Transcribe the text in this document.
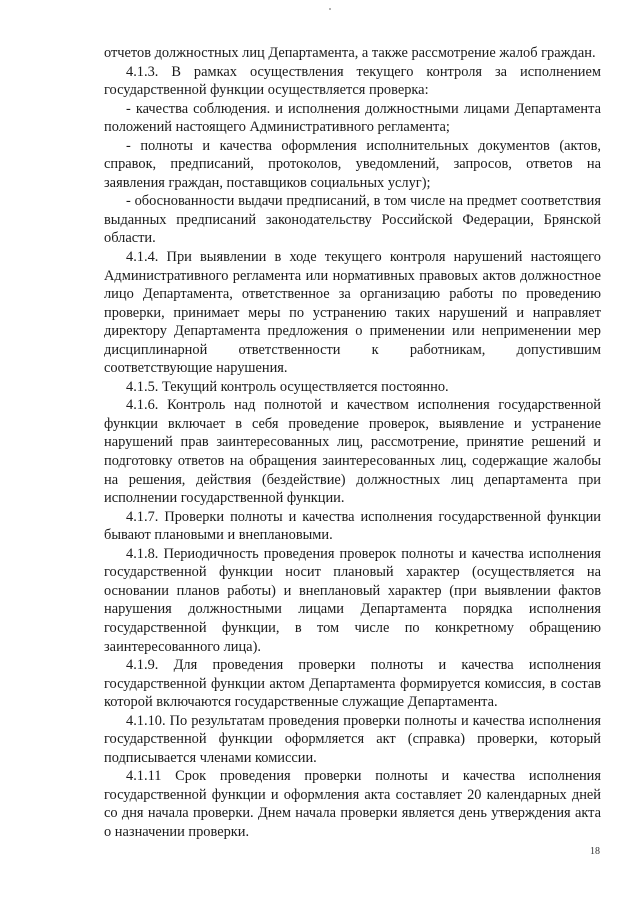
отчетов должностных лиц Департамента, а также рассмотрение жалоб граждан.

4.1.3. В рамках осуществления текущего контроля за исполнением государственной функции осуществляется проверка:

- качества соблюдения. и исполнения должностными лицами Департамента положений настоящего Административного регламента;

- полноты и качества оформления исполнительных документов (актов, справок, предписаний, протоколов, уведомлений, запросов, ответов на заявления граждан, поставщиков социальных услуг);

- обоснованности выдачи предписаний, в том числе на предмет соответствия выданных предписаний законодательству Российской Федерации, Брянской области.

4.1.4. При выявлении в ходе текущего контроля нарушений настоящего Административного регламента или нормативных правовых актов должностное лицо Департамента, ответственное за организацию работы по проведению проверки, принимает меры по устранению таких нарушений и направляет директору Департамента предложения о применении или неприменении мер дисциплинарной ответственности к работникам, допустившим соответствующие нарушения.

4.1.5. Текущий контроль осуществляется постоянно.

4.1.6. Контроль над полнотой и качеством исполнения государственной функции включает в себя проведение проверок, выявление и устранение нарушений прав заинтересованных лиц, рассмотрение, принятие решений и подготовку ответов на обращения заинтересованных лиц, содержащие жалобы на решения, действия (бездействие) должностных лиц департамента при исполнении государственной функции.

4.1.7. Проверки полноты и качества исполнения государственной функции бывают плановыми и внеплановыми.

4.1.8. Периодичность проведения проверок полноты и качества исполнения государственной функции носит плановый характер (осуществляется на основании планов работы) и внеплановый характер (при выявлении фактов нарушения должностными лицами Департамента порядка исполнения государственной функции, в том числе по конкретному обращению заинтересованного лица).

4.1.9. Для проведения проверки полноты и качества исполнения государственной функции актом Департамента формируется комиссия, в состав которой включаются государственные служащие Департамента.

4.1.10. По результатам проведения проверки полноты и качества исполнения государственной функции оформляется акт (справка) проверки, который подписывается членами комиссии.

4.1.11 Срок проведения проверки полноты и качества исполнения государственной функции и оформления акта составляет 20 календарных дней со дня начала проверки. Днем начала проверки является день утверждения акта о назначении проверки.

18
